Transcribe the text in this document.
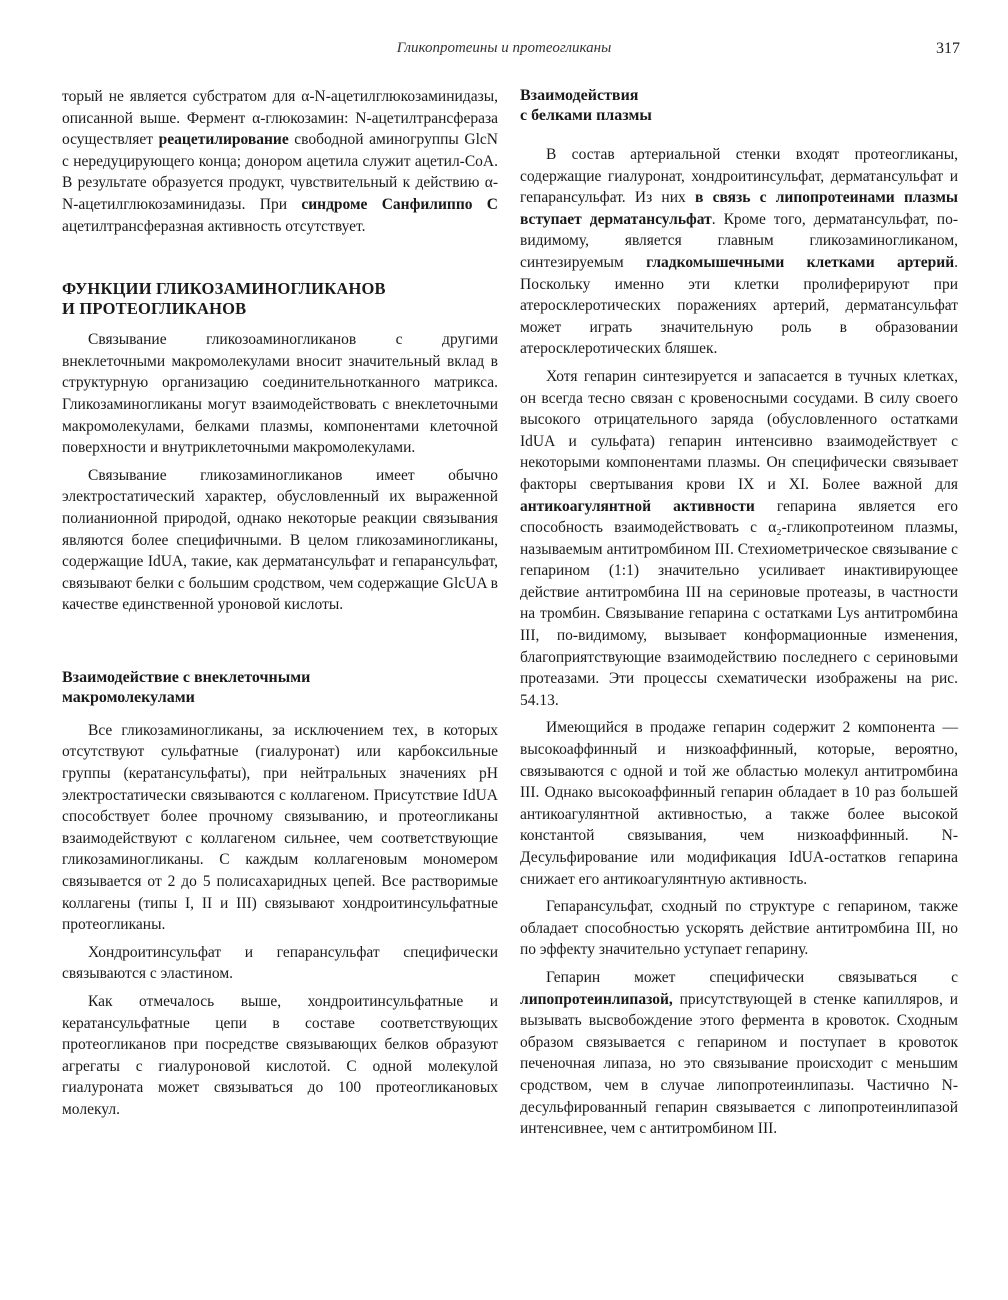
Гликопротеины и протеогликаны	317

торый не является субстратом для α-N-ацетилглюкозаминидазы, описанной выше. Фермент α-глюкозамин: N-ацетилтрансфераза осуществляет реацетилирование свободной аминогруппы GlcN с нередуцирующего конца; донором ацетила служит ацетил-CoA. В результате образуется продукт, чувствительный к действию α-N-ацетилглюкозаминидазы. При синдроме Санфилиппо С ацетилтрансферазная активность отсутствует.

ФУНКЦИИ ГЛИКОЗАМИНОГЛИКАНОВ
И ПРОТЕОГЛИКАНОВ

Связывание гликозоаминогликанов с другими внеклеточными макромолекулами вносит значительный вклад в структурную организацию соединительнотканного матрикса. Гликозаминогликаны могут взаимодействовать с внеклеточными макромолекулами, белками плазмы, компонентами клеточной поверхности и внутриклеточными макромолекулами.

Связывание гликозаминогликанов имеет обычно электростатический характер, обусловленный их выраженной полианионной природой, однако некоторые реакции связывания являются более специфичными. В целом гликозаминогликаны, содержащие IdUA, такие, как дерматансульфат и гепарансульфат, связывают белки с большим сродством, чем содержащие GlcUA в качестве единственной уроновой кислоты.

Взаимодействие с внеклеточными
макромолекулами

Все гликозаминогликаны, за исключением тех, в которых отсутствуют сульфатные (гиалуронат) или карбоксильные группы (кератансульфаты), при нейтральных значениях pH электростатически связываются с коллагеном. Присутствие IdUA способствует более прочному связыванию, и протеогликаны взаимодействуют с коллагеном сильнее, чем соответствующие гликозаминогликаны. С каждым коллагеновым мономером связывается от 2 до 5 полисахаридных цепей. Все растворимые коллагены (типы I, II и III) связывают хондроитинсульфатные протеогликаны.

Хондроитинсульфат и гепарансульфат специфически связываются с эластином.

Как отмечалось выше, хондроитинсульфатные и кератансульфатные цепи в составе соответствующих протеогликанов при посредстве связывающих белков образуют агрегаты с гиалуроновой кислотой. С одной молекулой гиалуроната может связываться до 100 протеогликановых молекул.

Взаимодействия
с белками плазмы

В состав артериальной стенки входят протеогликаны, содержащие гиалуронат, хондроитинсульфат, дерматансульфат и гепарансульфат. Из них в связь с липопротеинами плазмы вступает дерматансульфат. Кроме того, дерматансульфат, по-видимому, является главным гликозаминогликаном, синтезируемым гладкомышечными клетками артерий. Поскольку именно эти клетки пролиферируют при атеросклеротических поражениях артерий, дерматансульфат может играть значительную роль в образовании атеросклеротических бляшек.

Хотя гепарин синтезируется и запасается в тучных клетках, он всегда тесно связан с кровеносными сосудами. В силу своего высокого отрицательного заряда (обусловленного остатками IdUA и сульфата) гепарин интенсивно взаимодействует с некоторыми компонентами плазмы. Он специфически связывает факторы свертывания крови IX и XI. Более важной для антикоагулянтной активности гепарина является его способность взаимодействовать с α₂-гликопротеином плазмы, называемым антитромбином III. Стехиометрическое связывание с гепарином (1:1) значительно усиливает инактивирующее действие антитромбина III на сериновые протеазы, в частности на тромбин. Связывание гепарина с остатками Lys антитромбина III, по-видимому, вызывает конформационные изменения, благоприятствующие взаимодействию последнего с сериновыми протеазами. Эти процессы схематически изображены на рис. 54.13.

Имеющийся в продаже гепарин содержит 2 компонента — высокоаффинный и низкоаффинный, которые, вероятно, связываются с одной и той же областью молекул антитромбина III. Однако высокоаффинный гепарин обладает в 10 раз большей антикоагулянтной активностью, а также более высокой константой связывания, чем низкоаффинный. N-Десульфирование или модификация IdUA-остатков гепарина снижает его антикоагулянтную активность.

Гепарансульфат, сходный по структуре с гепарином, также обладает способностью ускорять действие антитромбина III, но по эффекту значительно уступает гепарину.

Гепарин может специфически связываться с липопротеинлипазой, присутствующей в стенке капилляров, и вызывать высвобождение этого фермента в кровоток. Сходным образом связывается с гепарином и поступает в кровоток печеночная липаза, но это связывание происходит с меньшим сродством, чем в случае липопротеинлипазы. Частично N-десульфированный гепарин связывается с липопротеинлипазой интенсивнее, чем с антитромбином III.
